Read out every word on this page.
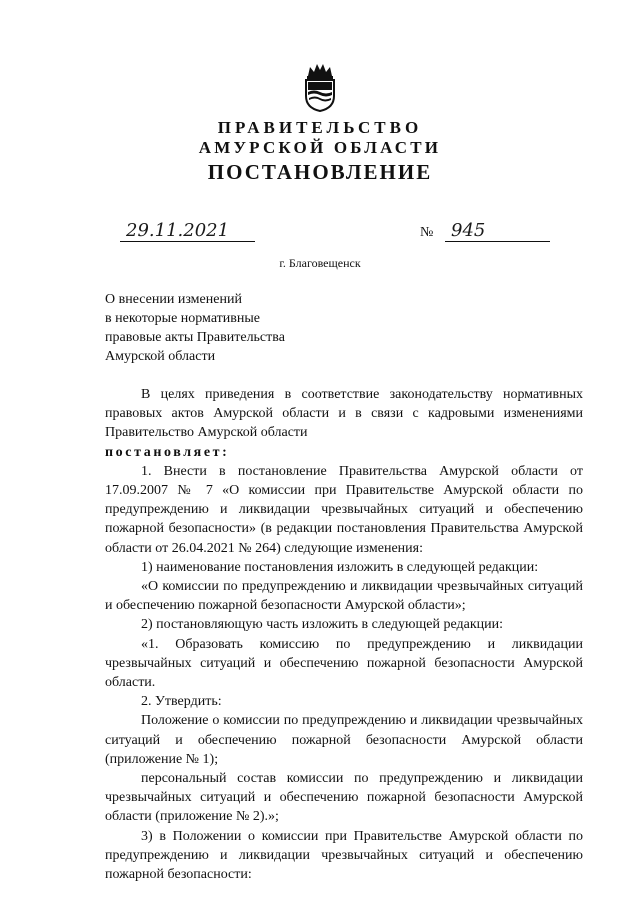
ПРАВИТЕЛЬСТВО
АМУРСКОЙ ОБЛАСТИ
ПОСТАНОВЛЕНИЕ
29.11.2021	№ 945
г. Благовещенск
О внесении изменений
в некоторые нормативные
правовые акты Правительства
Амурской области

В целях приведения в соответствие законодательству нормативных правовых актов Амурской области и в связи с кадровыми изменениями Правительство Амурской области

постановляет:

1. Внести в постановление Правительства Амурской области от 17.09.2007 № 7 «О комиссии при Правительстве Амурской области по предупреждению и ликвидации чрезвычайных ситуаций и обеспечению пожарной безопасности» (в редакции постановления Правительства Амурской области от 26.04.2021 № 264) следующие изменения:

1) наименование постановления изложить в следующей редакции:

«О комиссии по предупреждению и ликвидации чрезвычайных ситуаций и обеспечению пожарной безопасности Амурской области»;

2) постановляющую часть изложить в следующей редакции:

«1. Образовать комиссию по предупреждению и ликвидации чрезвычайных ситуаций и обеспечению пожарной безопасности Амурской области.

2. Утвердить:

Положение о комиссии по предупреждению и ликвидации чрезвычайных ситуаций и обеспечению пожарной безопасности Амурской области (приложение № 1);

персональный состав комиссии по предупреждению и ликвидации чрезвычайных ситуаций и обеспечению пожарной безопасности Амурской области (приложение № 2).»;

3) в Положении о комиссии при Правительстве Амурской области по предупреждению и ликвидации чрезвычайных ситуаций и обеспечению пожарной безопасности:
